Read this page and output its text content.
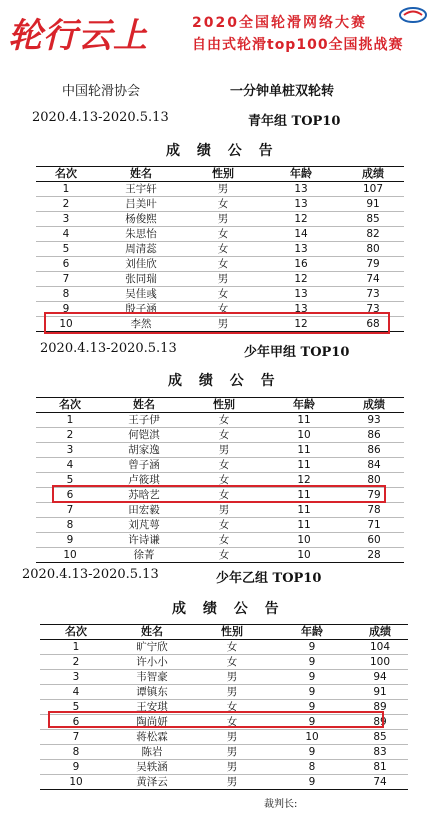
轮行云上	2020全国轮滑网络大赛
自由式轮滑top100全国挑战赛
中国轮滑协会	一分钟单桩双轮转
2020.4.13-2020.5.13	青年组 TOP10
成 绩 公 告
名次	姓名	性别	年龄	成绩
1	王宇轩	男	13	107
2	吕美叶	女	13	91
3	杨俊熙	男	12	85
4	朱思怡	女	14	82
5	周清蕊	女	13	80
6	刘佳欣	女	16	79
7	张同瑞	男	12	74
8	吴佳彧	女	13	73
9	殷子涵	女	13	73
10	李然	男	12	68
2020.4.13-2020.5.13	少年甲组 TOP10
成 绩 公 告
名次	姓名	性别	年龄	成绩
1	王子伊	女	11	93
2	何铠淇	女	10	86
3	胡家逸	男	11	86
4	曾子涵	女	11	84
5	卢筱琪	女	12	80
6	苏晗艺	女	11	79
7	田宏毅	男	11	78
8	刘芃萼	女	11	71
9	许诗谦	女	10	60
10	徐菁	女	10	28
2020.4.13-2020.5.13	少年乙组 TOP10
成 绩 公 告
名次	姓名	性别	年龄	成绩
1	旷宁欣	女	9	104
2	许小小	女	9	100
3	韦智豪	男	9	94
4	谭镇东	男	9	91
5	王安琪	女	9	89
6	陶尚妍	女	9	89
7	蒋松霖	男	10	85
8	陈岩	男	9	83
9	吴轶涵	男	8	81
10	黄泽云	男	9	74
裁判长:
